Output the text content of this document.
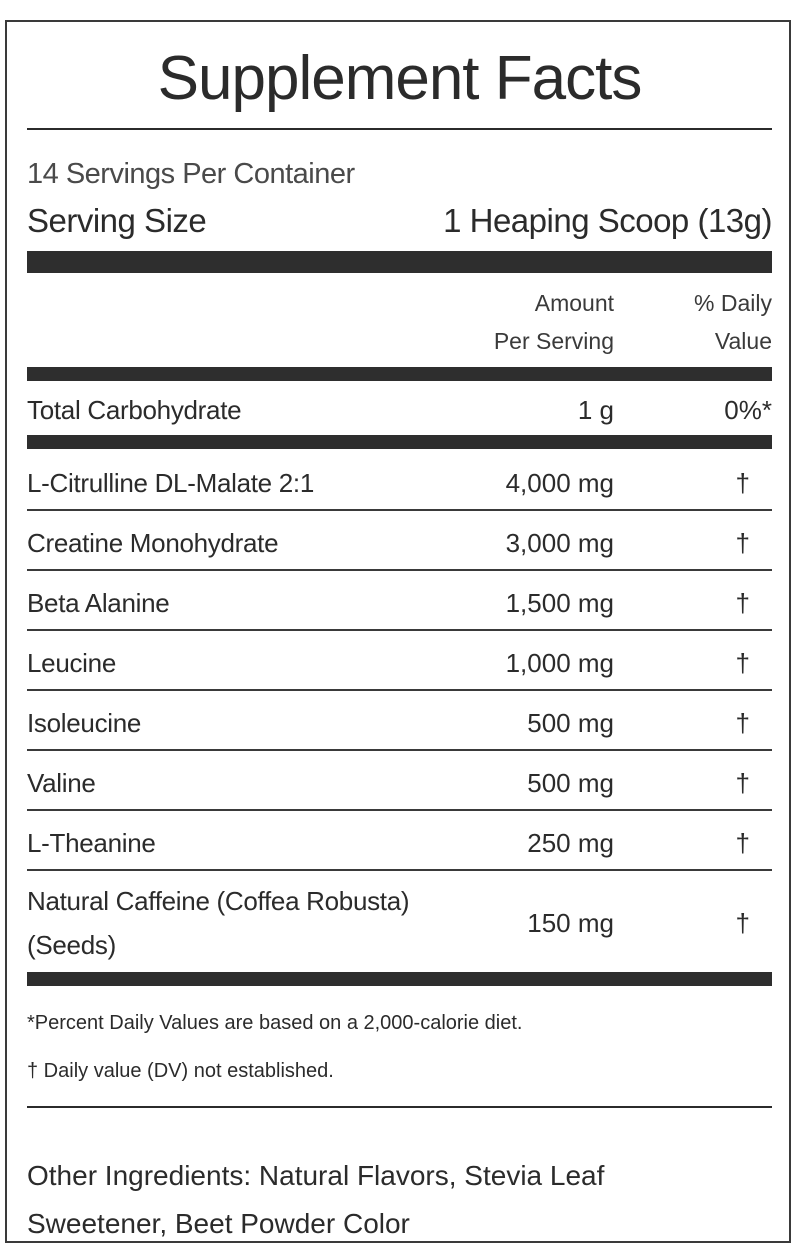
Supplement Facts
14 Servings Per Container
Serving Size	1 Heaping Scoop (13g)
Amount
Per Serving
% Daily
Value
Total Carbohydrate	1 g	0%*
L-Citrulline DL-Malate 2:1	4,000 mg	†
Creatine Monohydrate	3,000 mg	†
Beta Alanine	1,500 mg	†
Leucine	1,000 mg	†
Isoleucine	500 mg	†
Valine	500 mg	†
L-Theanine	250 mg	†
Natural Caffeine (Coffea Robusta)
(Seeds)
150 mg	†
*Percent Daily Values are based on a 2,000-calorie diet.
† Daily value (DV) not established.
Other Ingredients: Natural Flavors, Stevia Leaf
Sweetener, Beet Powder Color
